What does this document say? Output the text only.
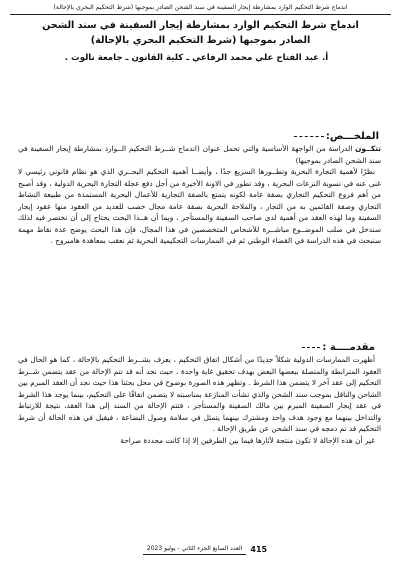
اندماج شرط التحكيم الوارد بمشارطة إيجار السفينة في سند الشحن الصادر بموجبها (شرط التحكيم البحري بالإحالة)
اندماج شرط التحكيم الوارد بمشارطة إيجار السفينة في سند الشحن
الصادر بموجبها (شرط التحكيم البحري بالإحالة)
أ. عبد الفتاح علي محمد الرفاعي ـ كلية القانون ـ جامعة نالوت .
الملخـــص:

تتكــون الدراسة من الواجهة الأساسية والتي تحمل عنوان (اندماج شــرط التحكيم الــوارد بمشارطة إيجار السفينة في سند الشحن الصادر بموجبها)

نظرًا لأهمية التجارة البحرية وتطــورها السريع جدًا ، وأيضــا أهمية التحكيم البحــري الذي هو نظام قانوني رئيسي لا غنى عنه في تسوية النزعات البحرية ، وقد تطور في الاونة الأخيرة من أجل دفع عجلة التجارة البحرية الدولية ، وقد أصبح من أهم فروع التحكيم التجاري بصفة عامة لكونه يتمتع بالصفة التجارية للأعمال البحرية المستمدة من طبيعة النشاط التجاري وصفة القائمين به من التجار ، والملاحة البحرية بصفة عامة مجال خصب للعديد من العقود منها عقود إيجار السفينة وما لهذه العقد من أهمية لدى صاحب السفينة والمستأجر ، وبما أن هــذا البحث يحتاج إلى أن نختصر فيه لذلك سندخل في صلب الموضــوع مباشــرة للأشخاص المتخصصين في هذا المجال، فإن هذا البحث يوضح عدة نقاط مهمة سنبحث في هذه الدراسة في القضاء الوطني ثم في الممارسات التحكيمية البحرية ثم نعقب بمعاهدة هامبروج .

مقدمــــة :

أظهرت الممارسات الدولية شكلاً جديدًا من أشكال اتفاق التحكيم ، يعرف بشــرط التحكيم بالإحالة ، كما هو الحال في العقود المترابطة والمتصلة ببعضها البعض بهدف تحقيق غاية واحدة ، حيث نجد أنه قد تتم الإحالة من عقد يتضمن شــرط التحكيم إلى عقد آخر لا يتضمن هذا الشرط . وتظهر هذه الصورة بوضوح في محل بحثنا هذا حيث نجد أن العقد المبرم بين الشاحن والناقل بموجب سند الشحن والذي نشأت المنازعة بمناسبته لا يتضمن اتفاقًا على التحكيم، بينما يوجد هذا الشرط في عقد إيجار السفينة المبرم بين مالك السفينة والمستأجر ، فتتم الإحالة من السند إلى هذا العقد، نتيجة للارتباط والتداخل بينهما مع وجود هدف واحد ومشترك بينهما يتمثل في سلامة وصول البضاعة ، فيقبل في هذه الحالة أن شرط التحكيم قد تم دمجه في سند الشحن عن طريق الإحالة .

غير أن هذه الإحالة لا تكون منتجة لآثارها فيما بين الطرفين إلا إذا كانت محددة صراحة

415
العدد السابع الجزء الثاني - يوليو 2023
